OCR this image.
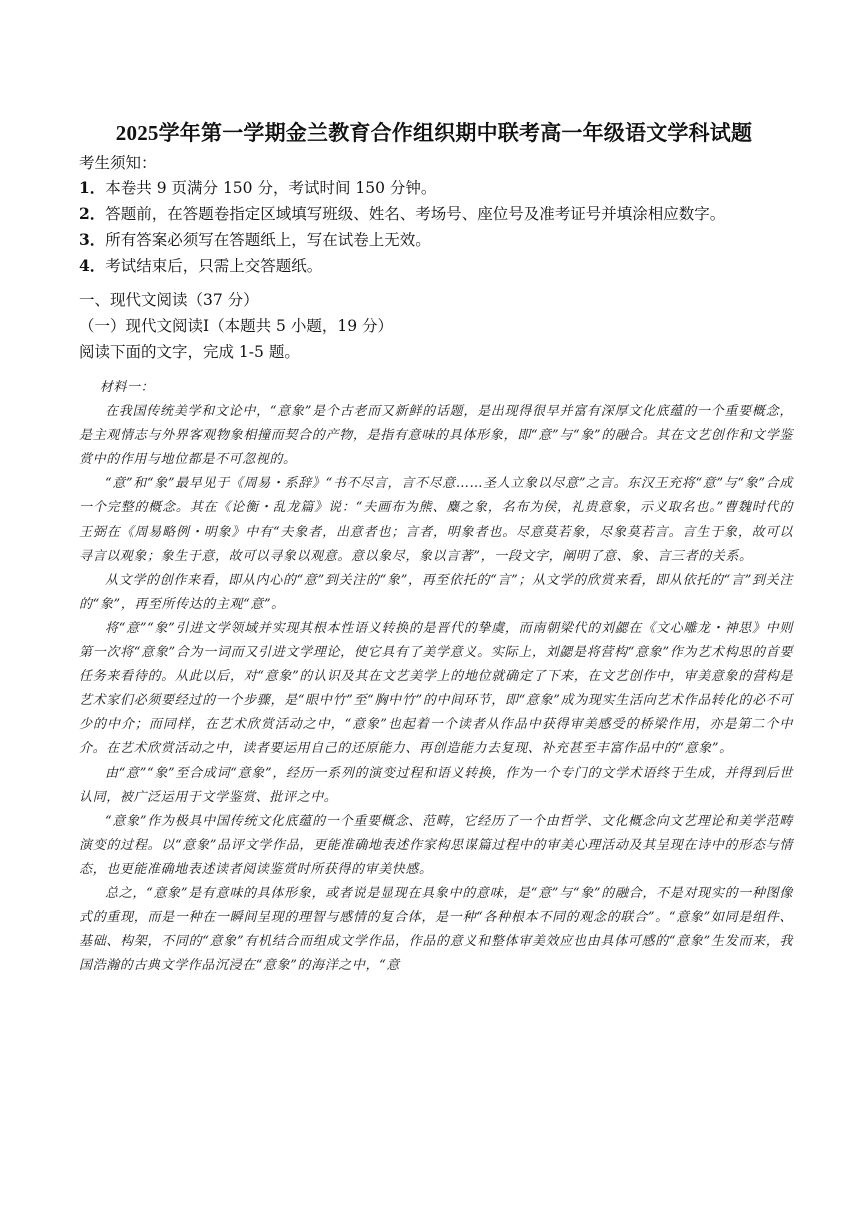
2025学年第一学期金兰教育合作组织期中联考高一年级语文学科试题
考生须知：
1．本卷共 9 页满分 150 分，考试时间 150 分钟。
2．答题前，在答题卷指定区域填写班级、姓名、考场号、座位号及准考证号并填涂相应数字。
3．所有答案必须写在答题纸上，写在试卷上无效。
4．考试结束后，只需上交答题纸。
一、现代文阅读（37 分）
（一）现代文阅读Ⅰ（本题共 5 小题，19 分）
阅读下面的文字，完成 1-5 题。

材料一：

在我国传统美学和文论中，“意象”是个古老而又新鲜的话题，是出现得很早并富有深厚文化底蕴的一个重要概念，是主观情志与外界客观物象相撞而契合的产物，是指有意味的具体形象，即“意”与“象”的融合。其在文艺创作和文学鉴赏中的作用与地位都是不可忽视的。

“意”和“象”最早见于《周易・系辞》“书不尽言，言不尽意……圣人立象以尽意”之言。东汉王充将“意”与“象”合成一个完整的概念。其在《论衡・乱龙篇》说：“夫画布为熊、麋之象，名布为侯，礼贵意象，示义取名也。”曹魏时代的王弼在《周易略例・明象》中有“夫象者，出意者也；言者，明象者也。尽意莫若象，尽象莫若言。言生于象，故可以寻言以观象；象生于意，故可以寻象以观意。意以象尽，象以言著”，一段文字，阐明了意、象、言三者的关系。

从文学的创作来看，即从内心的“意”到关注的“象”，再至依托的“言”；从文学的欣赏来看，即从依托的“言”到关注的“象”，再至所传达的主观“意”。

将“意”“象”引进文学领域并实现其根本性语义转换的是晋代的挚虞，而南朝梁代的刘勰在《文心雕龙・神思》中则第一次将“意象”合为一词而又引进文学理论，使它具有了美学意义。实际上，刘勰是将营构“意象”作为艺术构思的首要任务来看待的。从此以后，对“意象”的认识及其在文艺美学上的地位就确定了下来，在文艺创作中，审美意象的营构是艺术家们必须要经过的一个步骤，是“眼中竹”至“胸中竹”的中间环节，即“意象”成为现实生活向艺术作品转化的必不可少的中介；而同样，在艺术欣赏活动之中，“意象”也起着一个读者从作品中获得审美感受的桥梁作用，亦是第二个中介。在艺术欣赏活动之中，读者要运用自己的还原能力、再创造能力去复现、补充甚至丰富作品中的“意象”。

由“意”“象”至合成词“意象”，经历一系列的演变过程和语义转换，作为一个专门的文学术语终于生成，并得到后世认同，被广泛运用于文学鉴赏、批评之中。

“意象”作为极具中国传统文化底蕴的一个重要概念、范畴，它经历了一个由哲学、文化概念向文艺理论和美学范畴演变的过程。以“意象”品评文学作品，更能准确地表述作家构思谋篇过程中的审美心理活动及其呈现在诗中的形态与情态，也更能准确地表述读者阅读鉴赏时所获得的审美快感。

总之，“意象”是有意味的具体形象，或者说是显现在具象中的意味，是“意”与“象”的融合，不是对现实的一种图像式的重现，而是一种在一瞬间呈现的理智与感情的复合体，是一种“各种根本不同的观念的联合”。“意象”如同是组件、基础、构架，不同的“意象”有机结合而组成文学作品，作品的意义和整体审美效应也由具体可感的“意象”生发而来，我国浩瀚的古典文学作品沉浸在“意象”的海洋之中，“意
